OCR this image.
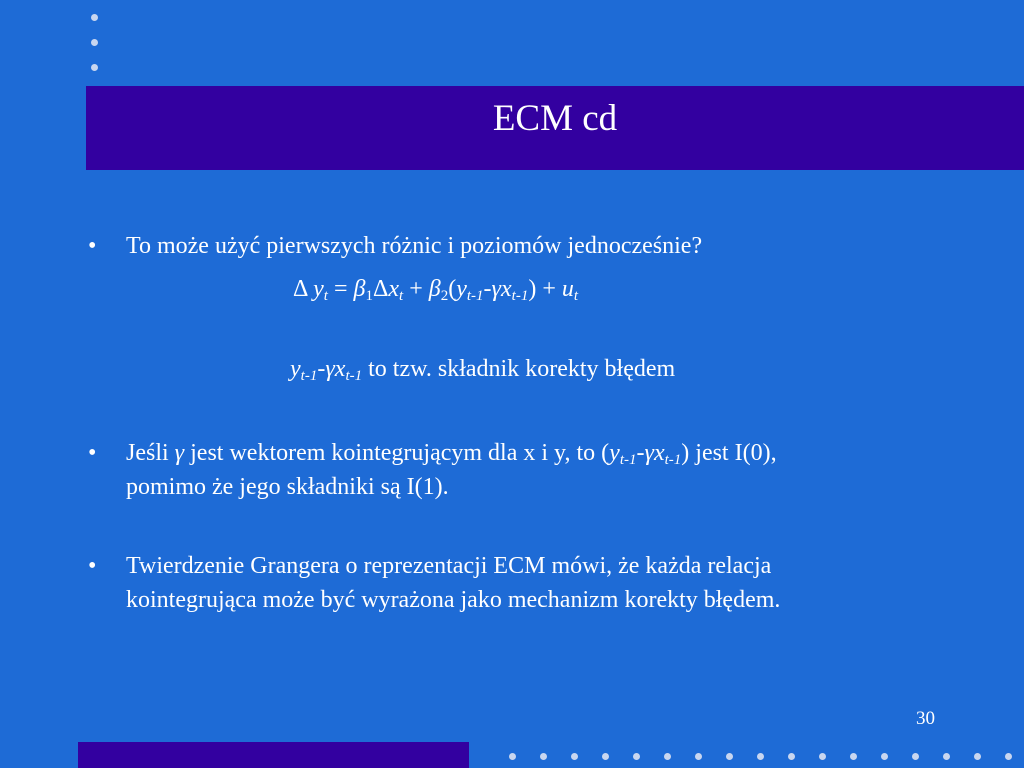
ECM cd
• To może użyć pierwszych różnic i poziomów jednocześnie?
Δ $y_t = \beta_1\Delta x_t + \beta_2(y_{t-1}-\gamma x_{t-1}) + u_t$
$y_{t-1}-\gamma x_{t-1}$ to tzw. składnik korekty błędem
• Jeśli γ jest wektorem kointegrującym dla x i y, to $(y_{t-1}-\gamma x_{t-1})$ jest I(0),
pomimo że jego składniki są I(1).
• Twierdzenie Grangera o reprezentacji ECM mówi, że każda relacja
kointegrująca może być wyrażona jako mechanizm korekty błędem.
30
